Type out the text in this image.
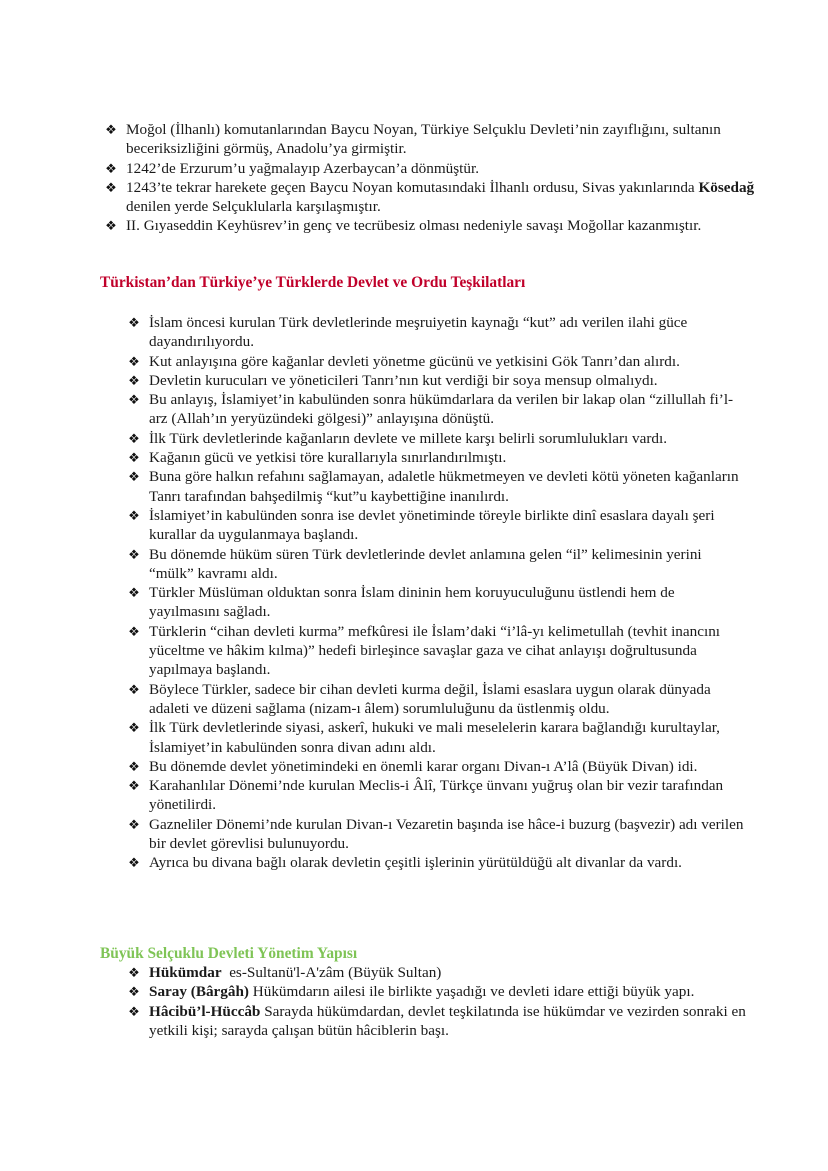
❖ Moğol (İlhanlı) komutanlarından Baycu Noyan, Türkiye Selçuklu Devleti’nin zayıflığını, sultanın beceriksizliğini görmüş, Anadolu’ya girmiştir.
❖ 1242’de Erzurum’u yağmalayıp Azerbaycan’a dönmüştür.
❖ 1243’te tekrar harekete geçen Baycu Noyan komutasındaki İlhanlı ordusu, Sivas yakınlarında Kösedağ denilen yerde Selçuklularla karşılaşmıştır.
❖ II. Gıyaseddin Keyhüsrev’in genç ve tecrübesiz olması nedeniyle savaşı Moğollar kazanmıştır.
Türkistan’dan Türkiye’ye Türklerde Devlet ve Ordu Teşkilatları
❖ İslam öncesi kurulan Türk devletlerinde meşruiyetin kaynağı “kut” adı verilen ilahi güce dayandırılıyordu.
❖ Kut anlayışına göre kağanlar devleti yönetme gücünü ve yetkisini Gök Tanrı’dan alırdı.
❖ Devletin kurucuları ve yöneticileri Tanrı’nın kut verdiği bir soya mensup olmalıydı.
❖ Bu anlayış, İslamiyet’in kabulünden sonra hükümdarlara da verilen bir lakap olan “zillullah fi’l-arz (Allah’ın yeryüzündeki gölgesi)” anlayışına dönüştü.
❖ İlk Türk devletlerinde kağanların devlete ve millete karşı belirli sorumlulukları vardı.
❖ Kağanın gücü ve yetkisi töre kurallarıyla sınırlandırılmıştı.
❖ Buna göre halkın refahını sağlamayan, adaletle hükmetmeyen ve devleti kötü yöneten kağanların Tanrı tarafından bahşedilmiş “kut”u kaybettiğine inanılırdı.
❖ İslamiyet’in kabulünden sonra ise devlet yönetiminde töreyle birlikte dinî esaslara dayalı şeri kurallar da uygulanmaya başlandı.
❖ Bu dönemde hüküm süren Türk devletlerinde devlet anlamına gelen “il” kelimesinin yerini “mülk” kavramı aldı.
❖ Türkler Müslüman olduktan sonra İslam dininin hem koruyuculuğunu üstlendi hem de yayılmasını sağladı.
❖ Türklerin “cihan devleti kurma” mefkûresi ile İslam’daki “i’lâ-yı kelimetullah (tevhit inancını yüceltme ve hâkim kılma)” hedefi birleşince savaşlar gaza ve cihat anlayışı doğrultusunda yapılmaya başlandı.
❖ Böylece Türkler, sadece bir cihan devleti kurma değil, İslami esaslara uygun olarak dünyada adaleti ve düzeni sağlama (nizam-ı âlem) sorumluluğunu da üstlenmiş oldu.
❖ İlk Türk devletlerinde siyasi, askerî, hukuki ve mali meselelerin karara bağlandığı kurultaylar, İslamiyet’in kabulünden sonra divan adını aldı.
❖ Bu dönemde devlet yönetimindeki en önemli karar organı Divan-ı A’lâ (Büyük Divan) idi.
❖ Karahanlılar Dönemi’nde kurulan Meclis-i Âlî, Türkçe ünvanı yuğruş olan bir vezir tarafından yönetilirdi.
❖ Gazneliler Dönemi’nde kurulan Divan-ı Vezaretin başında ise hâce-i buzurg (başvezir) adı verilen bir devlet görevlisi bulunuyordu.
❖ Ayrıca bu divana bağlı olarak devletin çeşitli işlerinin yürütüldüğü alt divanlar da vardı.
Büyük Selçuklu Devleti Yönetim Yapısı
❖ Hükümdar  es-Sultanü'l-A'zâm (Büyük Sultan)
❖ Saray (Bârgâh) Hükümdarın ailesi ile birlikte yaşadığı ve devleti idare ettiği büyük yapı.
❖ Hâcibü’l-Hüccâb Sarayda hükümdardan, devlet teşkilatında ise hükümdar ve vezirden sonraki en yetkili kişi; sarayda çalışan bütün hâciblerin başı.
